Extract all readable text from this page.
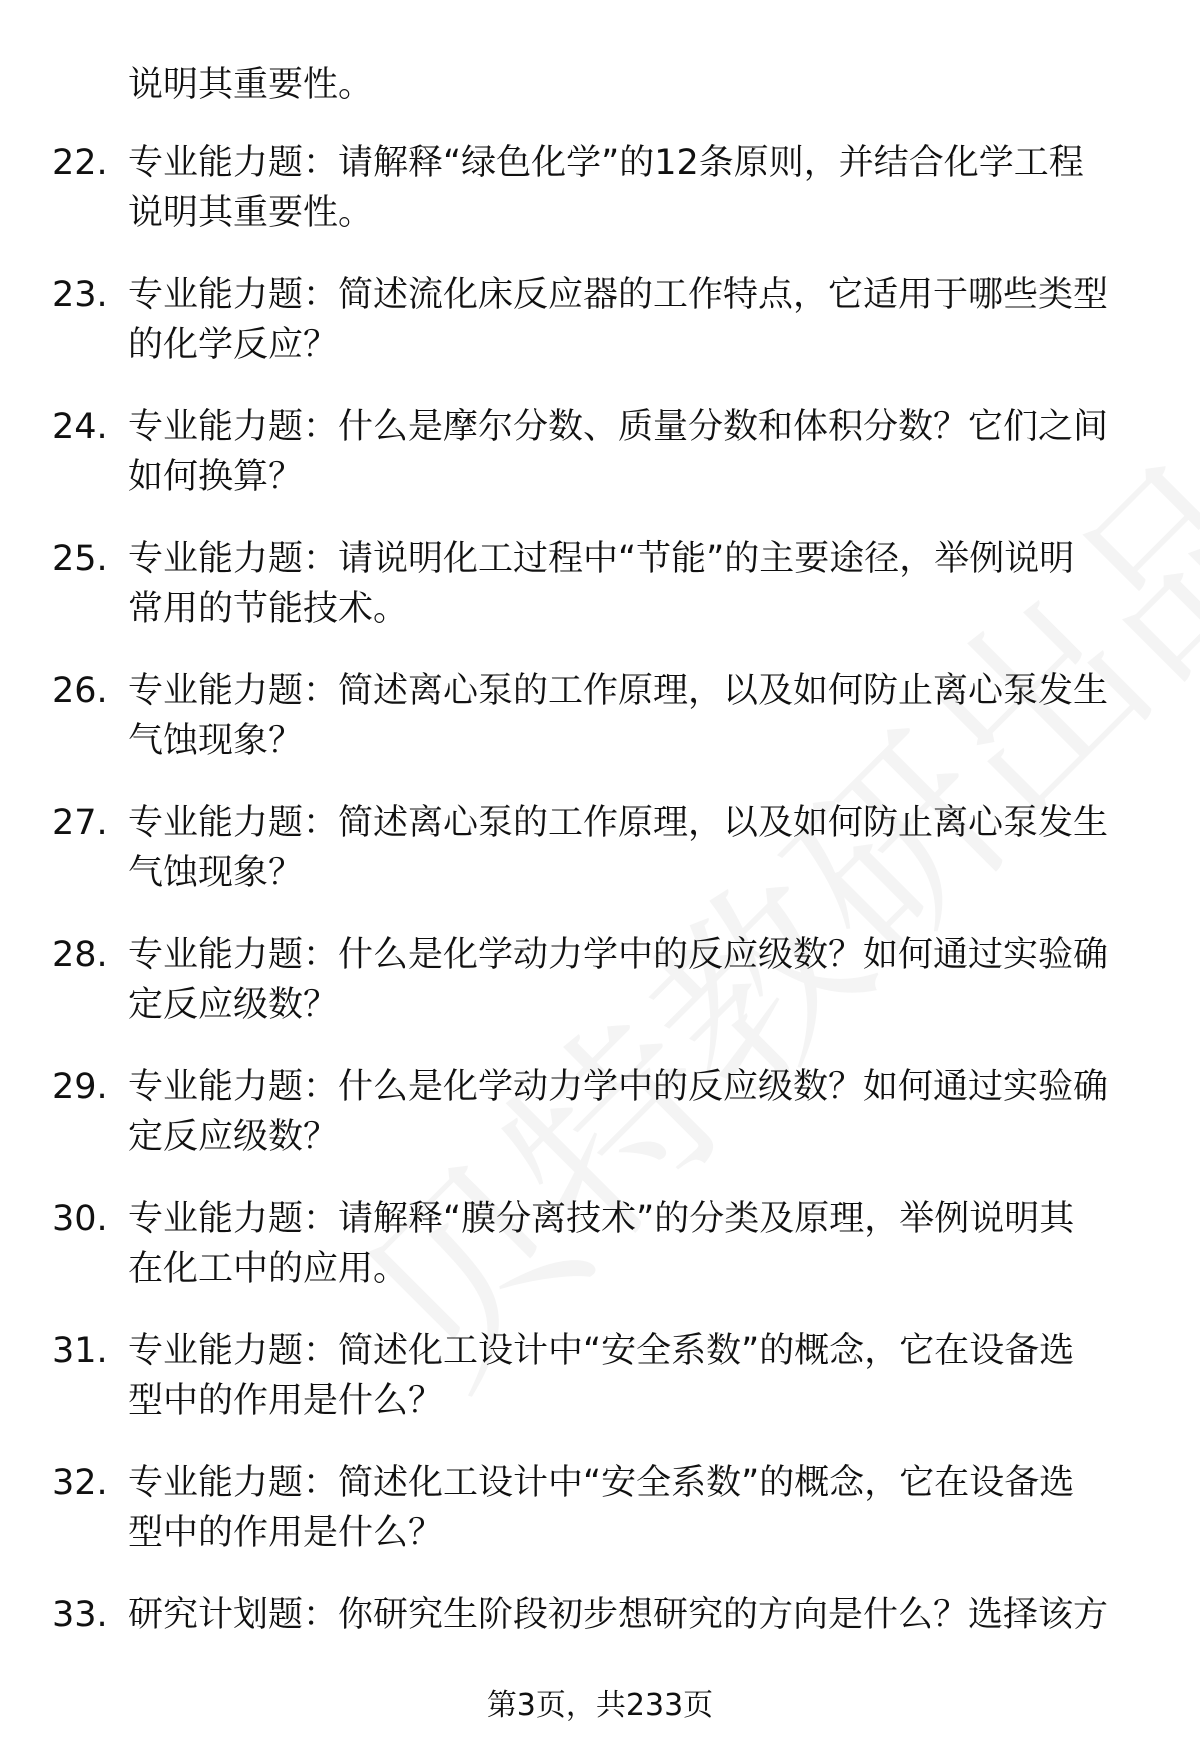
说明其重要性。
22. 专业能力题：请解释“绿色化学”的12条原则，并结合化学工程
说明其重要性。
23. 专业能力题：简述流化床反应器的工作特点，它适用于哪些类型
的化学反应？
24. 专业能力题：什么是摩尔分数、质量分数和体积分数？它们之间
如何换算？
25. 专业能力题：请说明化工过程中“节能”的主要途径，举例说明
常用的节能技术。
26. 专业能力题：简述离心泵的工作原理，以及如何防止离心泵发生
气蚀现象？
27. 专业能力题：简述离心泵的工作原理，以及如何防止离心泵发生
气蚀现象？
28. 专业能力题：什么是化学动力学中的反应级数？如何通过实验确
定反应级数？
29. 专业能力题：什么是化学动力学中的反应级数？如何通过实验确
定反应级数？
30. 专业能力题：请解释“膜分离技术”的分类及原理，举例说明其
在化工中的应用。
31. 专业能力题：简述化工设计中“安全系数”的概念，它在设备选
型中的作用是什么？
32. 专业能力题：简述化工设计中“安全系数”的概念，它在设备选
型中的作用是什么？
33. 研究计划题：你研究生阶段初步想研究的方向是什么？选择该方
第3页，共233页
